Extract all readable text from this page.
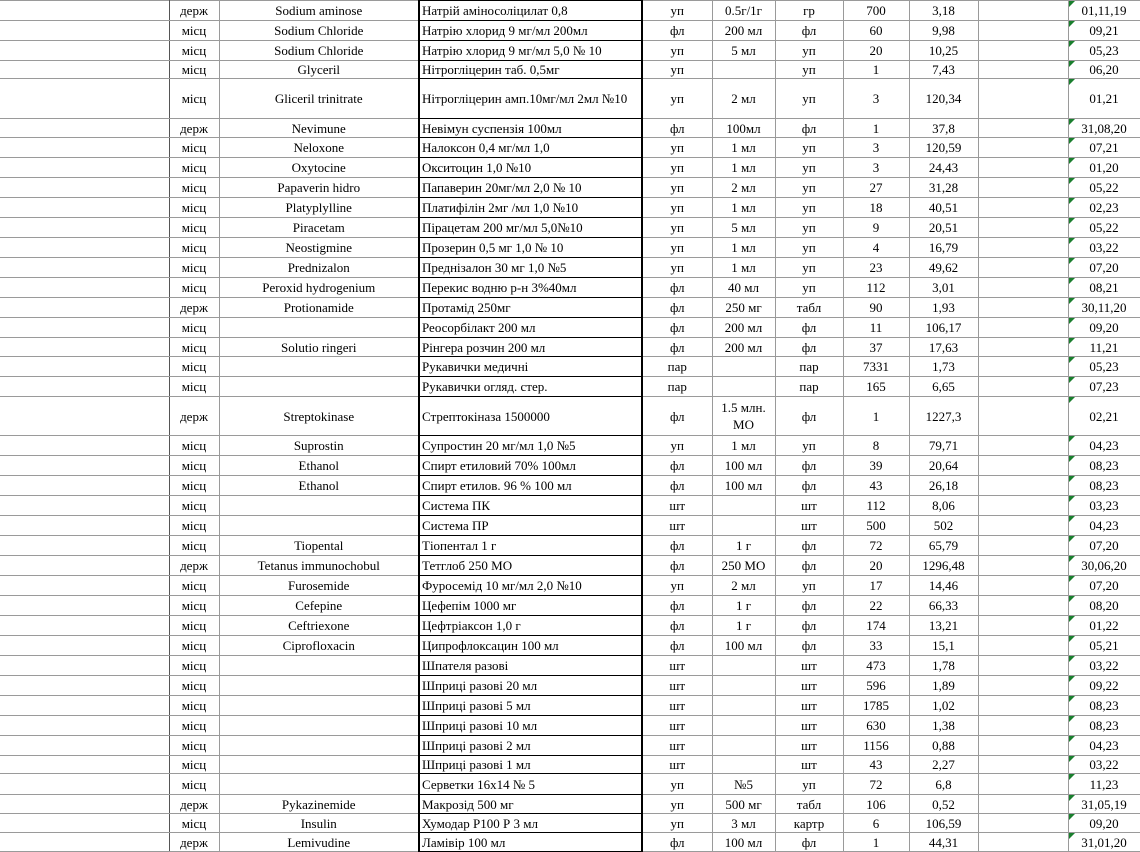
	держ	Sodium aminose	Натрій аміносоліцилат 0,8	уп	0.5г/1г	гр	700	3,18		01,11,19
	місц	Sodium Chloride	Натрію хлорид 9 мг/мл 200мл	фл	200 мл	фл	60	9,98		09,21
	місц	Sodium Chloride	Натрію хлорид 9 мг/мл 5,0 № 10	уп	5 мл	уп	20	10,25		05,23
	місц	Glyceril	Нітрогліцерин таб. 0,5мг	уп		уп	1	7,43		06,20
	місц	Gliceril trinitrate	Нітрогліцерин амп.10мг/мл 2мл №10	уп	2 мл	уп	3	120,34		01,21
	держ	Nevimune	Невімун суспензія 100мл	фл	100мл	фл	1	37,8		31,08,20
	місц	Neloxone	Налоксон 0,4 мг/мл 1,0	уп	1 мл	уп	3	120,59		07,21
	місц	Oxytocine	Окситоцин 1,0 №10	уп	1 мл	уп	3	24,43		01,20
	місц	Papaverin hidro	Папаверин 20мг/мл 2,0 № 10	уп	2 мл	уп	27	31,28		05,22
	місц	Platyplylline	Платифілін 2мг /мл 1,0 №10	уп	1 мл	уп	18	40,51		02,23
	місц	Piracetam	Пірацетам 200 мг/мл 5,0№10	уп	5 мл	уп	9	20,51		05,22
	місц	Neostigmine	Прозерин 0,5 мг 1,0 № 10	уп	1 мл	уп	4	16,79		03,22
	місц	Prednizalon	Преднізалон 30 мг 1,0 №5	уп	1 мл	уп	23	49,62		07,20
	місц	Peroxid hydrogenium	Перекис водню р-н 3%40мл	фл	40 мл	уп	112	3,01		08,21
	держ	Protionamide	Протамід 250мг	фл	250 мг	табл	90	1,93		30,11,20
	місц		Реосорбілакт 200 мл	фл	200 мл	фл	11	106,17		09,20
	місц	Solutio ringeri	Рінгера розчин 200 мл	фл	200 мл	фл	37	17,63		11,21
	місц		Рукавички медичні	пар		пар	7331	1,73		05,23
	місц		Рукавички огляд. стер.	пар		пар	165	6,65		07,23
	держ	Streptokinase	Стрептокіназа 1500000	фл	1.5 млн. МО	фл	1	1227,3		02,21
	місц	Suprostin	Супростин 20 мг/мл 1,0 №5	уп	1 мл	уп	8	79,71		04,23
	місц	Ethanol	Спирт етиловий 70% 100мл	фл	100 мл	фл	39	20,64		08,23
	місц	Ethanol	Спирт етилов. 96 % 100 мл	фл	100 мл	фл	43	26,18		08,23
	місц		Система ПК	шт		шт	112	8,06		03,23
	місц		Система ПР	шт		шт	500	502		04,23
	місц	Tiopental	Тіопентал 1 г	фл	1 г	фл	72	65,79		07,20
	держ	Tetanus immunochobul	Тетглоб 250 МО	фл	250 МО	фл	20	1296,48		30,06,20
	місц	Furosemide	Фуросемід 10 мг/мл 2,0 №10	уп	2 мл	уп	17	14,46		07,20
	місц	Cefepine	Цефепім 1000 мг	фл	1 г	фл	22	66,33		08,20
	місц	Ceftriexone	Цефтріаксон 1,0 г	фл	1 г	фл	174	13,21		01,22
	місц	Ciprofloxacin	Ципрофлоксацин 100 мл	фл	100 мл	фл	33	15,1		05,21
	місц		Шпателя разові	шт		шт	473	1,78		03,22
	місц		Шприці разові 20 мл	шт		шт	596	1,89		09,22
	місц		Шприці разові 5 мл	шт		шт	1785	1,02		08,23
	місц		Шприці разові 10 мл	шт		шт	630	1,38		08,23
	місц		Шприці разові 2 мл	шт		шт	1156	0,88		04,23
	місц		Шприці разові 1 мл	шт		шт	43	2,27		03,22
	місц		Серветки 16х14 № 5	уп	№5	уп	72	6,8		11,23
	держ	Pykazinemide	Макрозід 500 мг	уп	500 мг	табл	106	0,52		31,05,19
	місц	Insulin	Хумодар Р100 Р 3 мл	уп	3 мл	картр	6	106,59		09,20
	держ	Lemivudine	Ламівір 100 мл	фл	100 мл	фл	1	44,31		31,01,20
